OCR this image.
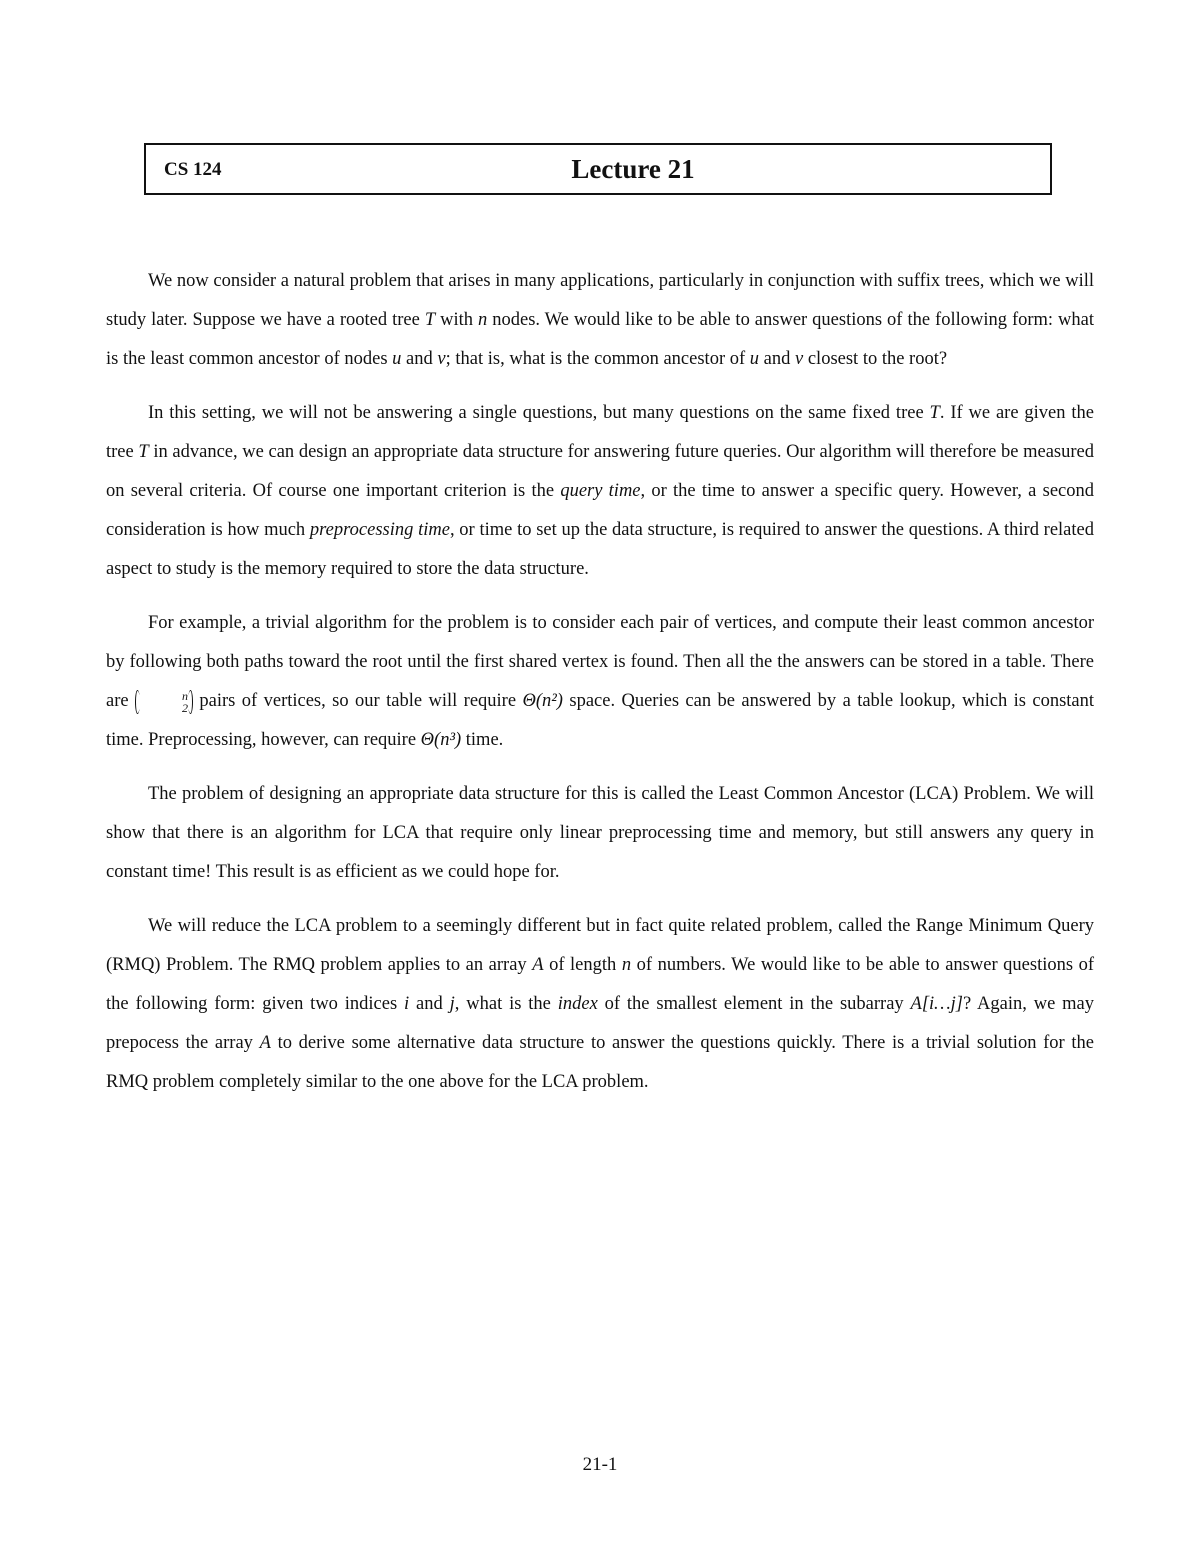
CS 124	Lecture 21

We now consider a natural problem that arises in many applications, particularly in conjunction with suffix trees, which we will study later. Suppose we have a rooted tree T with n nodes. We would like to be able to answer questions of the following form: what is the least common ancestor of nodes u and v; that is, what is the common ancestor of u and v closest to the root?

In this setting, we will not be answering a single questions, but many questions on the same fixed tree T. If we are given the tree T in advance, we can design an appropriate data structure for answering future queries. Our algorithm will therefore be measured on several criteria. Of course one important criterion is the query time, or the time to answer a specific query. However, a second consideration is how much preprocessing time, or time to set up the data structure, is required to answer the questions. A third related aspect to study is the memory required to store the data structure.

For example, a trivial algorithm for the problem is to consider each pair of vertices, and compute their least common ancestor by following both paths toward the root until the first shared vertex is found. Then all the the answers can be stored in a table. There are	n
2 pairs of vertices, so our table will require Θ(n²) space. Queries can be answered by a table lookup, which is constant time. Preprocessing, however, can require Θ(n³) time.

The problem of designing an appropriate data structure for this is called the Least Common Ancestor (LCA) Problem. We will show that there is an algorithm for LCA that require only linear preprocessing time and memory, but still answers any query in constant time! This result is as efficient as we could hope for.

We will reduce the LCA problem to a seemingly different but in fact quite related problem, called the Range Minimum Query (RMQ) Problem. The RMQ problem applies to an array A of length n of numbers. We would like to be able to answer questions of the following form: given two indices i and j, what is the index of the smallest element in the subarray A[i…j]? Again, we may prepocess the array A to derive some alternative data structure to answer the questions quickly. There is a trivial solution for the RMQ problem completely similar to the one above for the LCA problem.

21-1
